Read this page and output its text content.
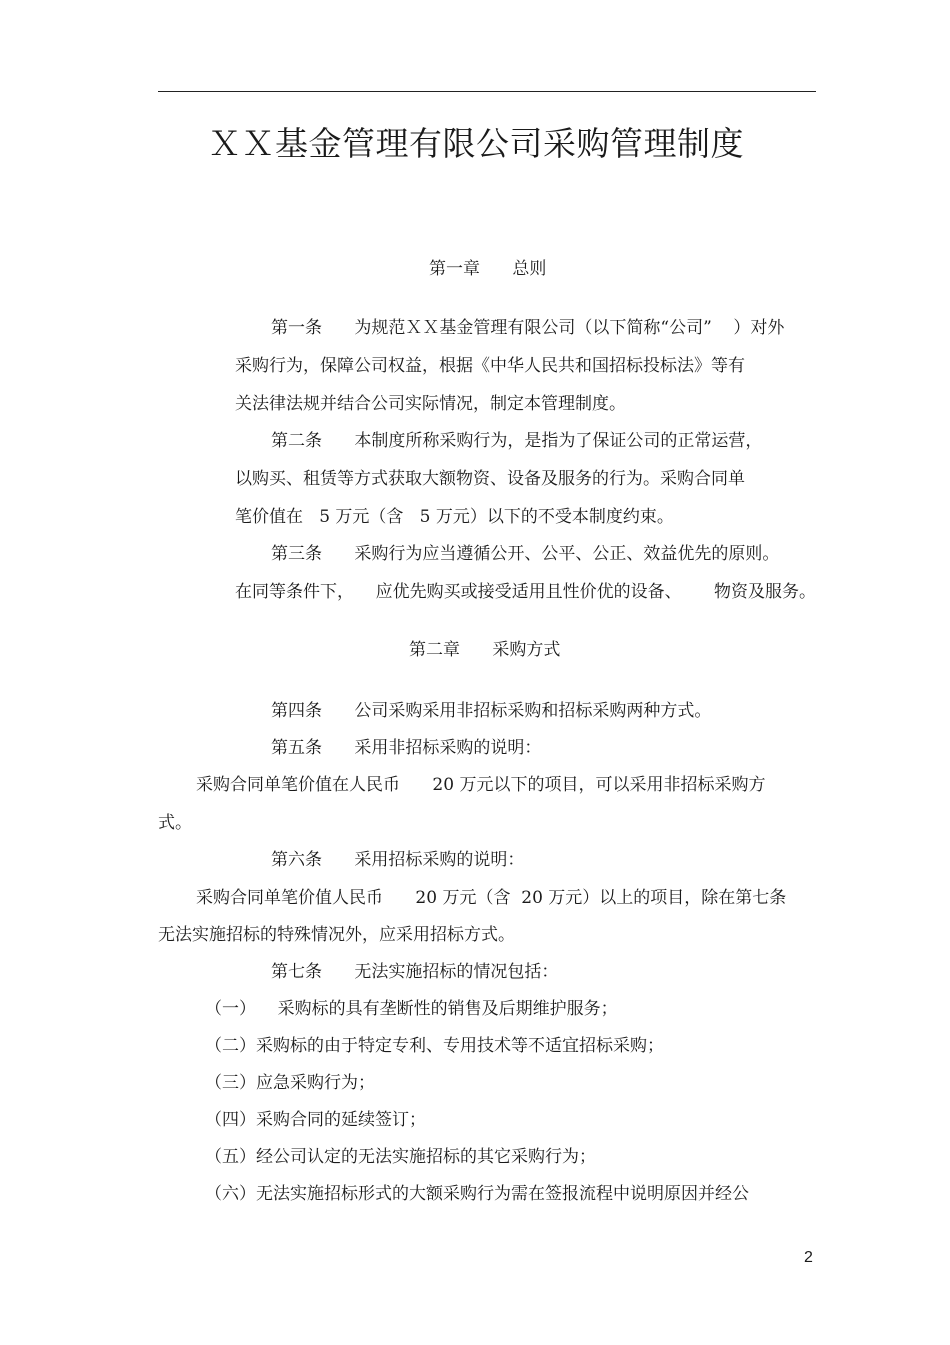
ＸＸ基金管理有限公司采购管理制度
第一章      总则
第一条      为规范ＸＸ基金管理有限公司（以下简称“公司”    ）对外
采购行为，保障公司权益，根据《中华人民共和国招标投标法》等有
关法律法规并结合公司实际情况，制定本管理制度。
第二条      本制度所称采购行为，是指为了保证公司的正常运营，
以购买、租赁等方式获取大额物资、设备及服务的行为。采购合同单
笔价值在   5 万元（含   5 万元）以下的不受本制度约束。
第三条      采购行为应当遵循公开、公平、公正、效益优先的原则。
在同等条件下，    应优先购买或接受适用且性价优的设备、      物资及服务。
第二章      采购方式
第四条      公司采购采用非招标采购和招标采购两种方式。
第五条      采用非招标采购的说明：
采购合同单笔价值在人民币      20 万元以下的项目，可以采用非招标采购方
式。
第六条      采用招标采购的说明：
采购合同单笔价值人民币      20 万元（含  20 万元）以上的项目，除在第七条
无法实施招标的特殊情况外，应采用招标方式。
第七条      无法实施招标的情况包括：
（一）    采购标的具有垄断性的销售及后期维护服务；
（二）采购标的由于特定专利、专用技术等不适宜招标采购；
（三）应急采购行为；
（四）采购合同的延续签订；
（五）经公司认定的无法实施招标的其它采购行为；
（六）无法实施招标形式的大额采购行为需在签报流程中说明原因并经公
2
